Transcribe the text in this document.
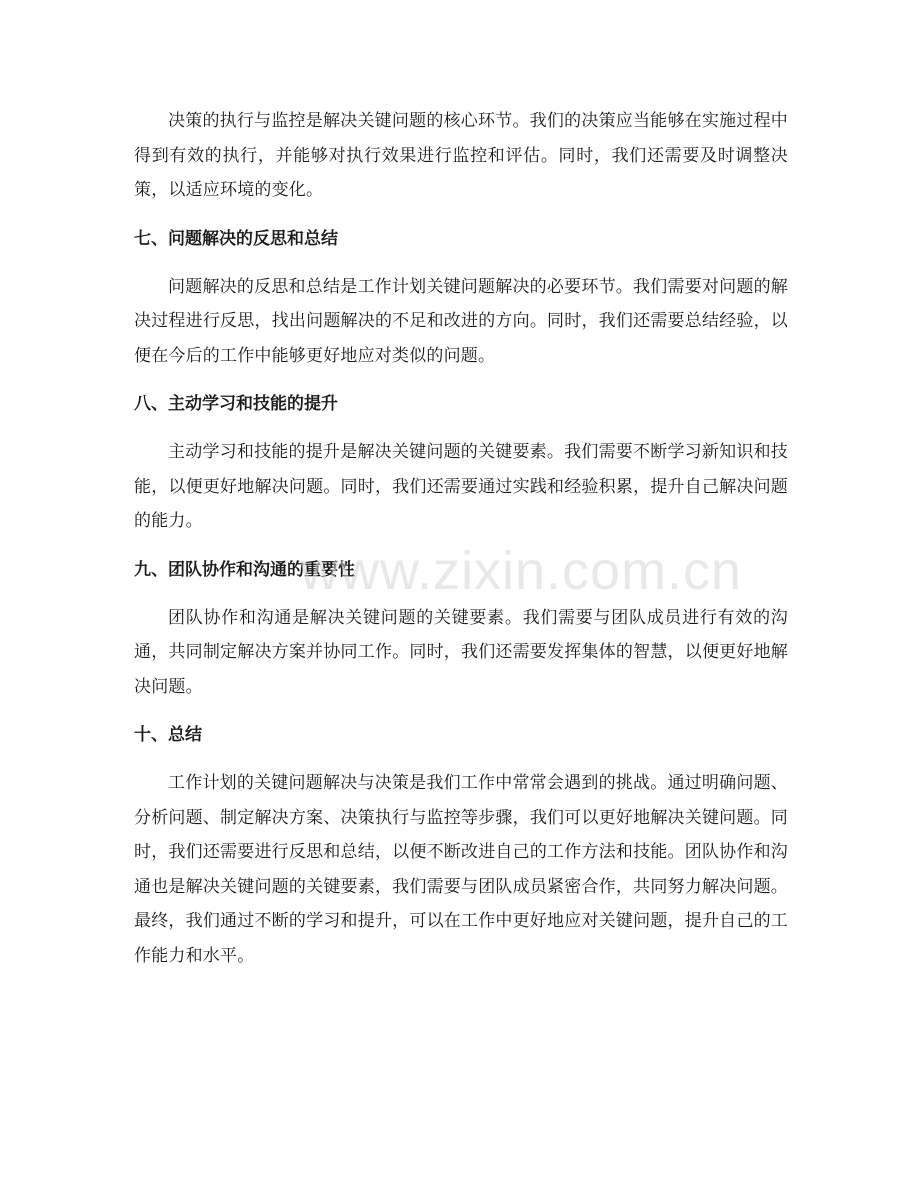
决策的执行与监控是解决关键问题的核心环节。我们的决策应当能够在实施过程中得到有效的执行，并能够对执行效果进行监控和评估。同时，我们还需要及时调整决策，以适应环境的变化。

七、问题解决的反思和总结

问题解决的反思和总结是工作计划关键问题解决的必要环节。我们需要对问题的解决过程进行反思，找出问题解决的不足和改进的方向。同时，我们还需要总结经验，以便在今后的工作中能够更好地应对类似的问题。

八、主动学习和技能的提升

主动学习和技能的提升是解决关键问题的关键要素。我们需要不断学习新知识和技能，以便更好地解决问题。同时，我们还需要通过实践和经验积累，提升自己解决问题的能力。

九、团队协作和沟通的重要性

团队协作和沟通是解决关键问题的关键要素。我们需要与团队成员进行有效的沟通，共同制定解决方案并协同工作。同时，我们还需要发挥集体的智慧，以便更好地解决问题。

十、总结

工作计划的关键问题解决与决策是我们工作中常常会遇到的挑战。通过明确问题、分析问题、制定解决方案、决策执行与监控等步骤，我们可以更好地解决关键问题。同时，我们还需要进行反思和总结，以便不断改进自己的工作方法和技能。团队协作和沟通也是解决关键问题的关键要素，我们需要与团队成员紧密合作，共同努力解决问题。最终，我们通过不断的学习和提升，可以在工作中更好地应对关键问题，提升自己的工作能力和水平。

www.zixin.com.cn
